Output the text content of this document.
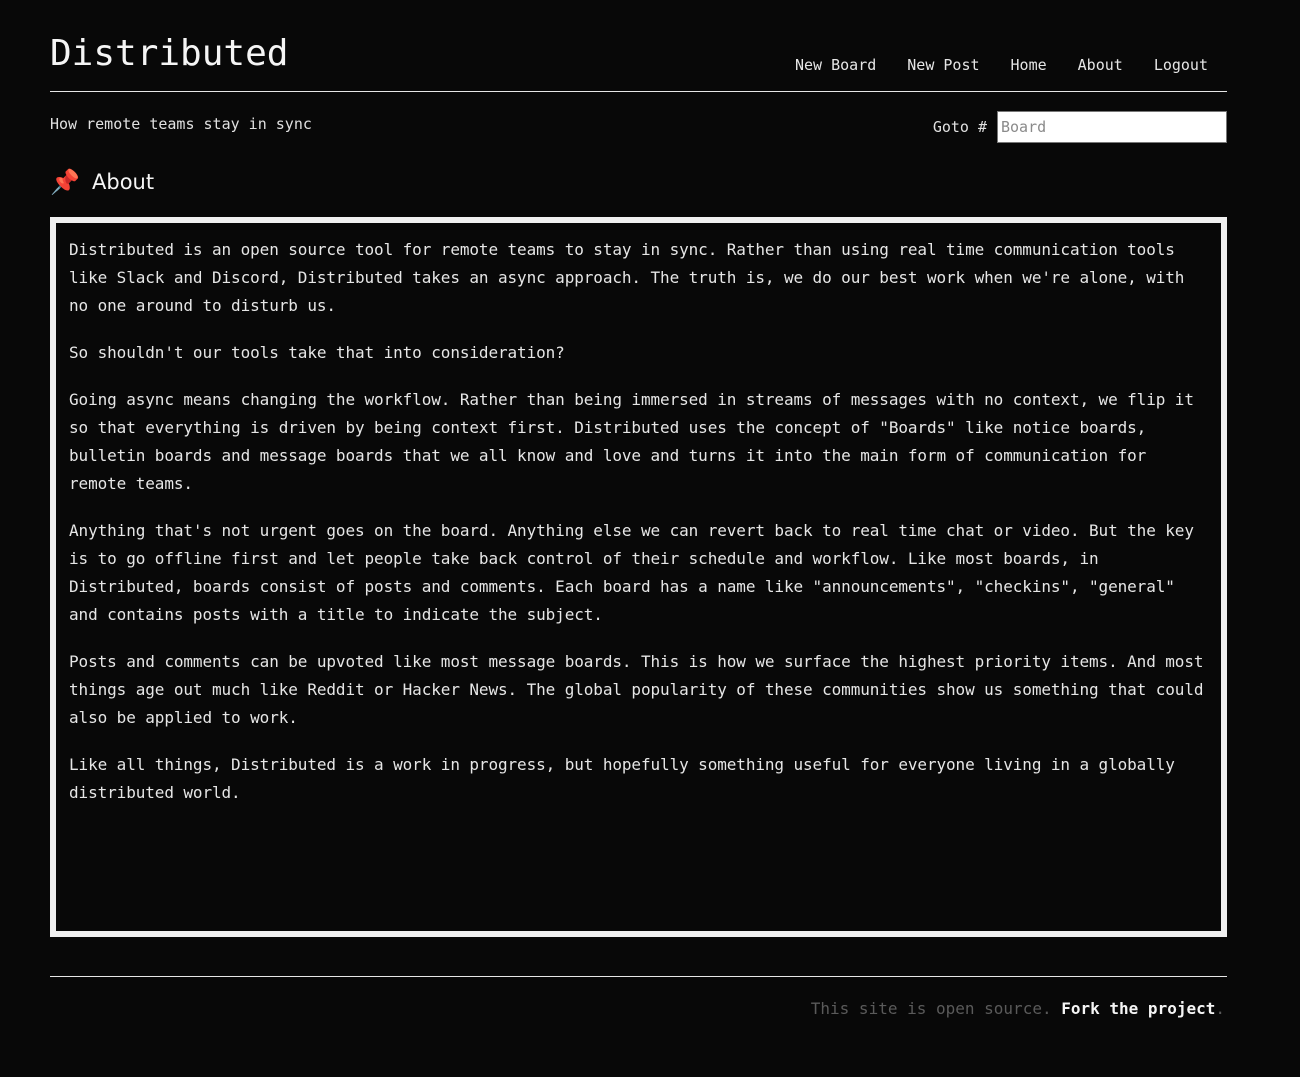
Distributed	New Board New Post Home About Logout
How remote teams stay in sync	Goto #
Board
📌 About

Distributed is an open source tool for remote teams to stay in sync. Rather than using real time communication tools like Slack and Discord, Distributed takes an async approach. The truth is, we do our best work when we're alone, with no one around to disturb us.

So shouldn't our tools take that into consideration?

Going async means changing the workflow. Rather than being immersed in streams of messages with no context, we flip it so that everything is driven by being context first. Distributed uses the concept of "Boards" like notice boards, bulletin boards and message boards that we all know and love and turns it into the main form of communication for remote teams.

Anything that's not urgent goes on the board. Anything else we can revert back to real time chat or video. But the key is to go offline first and let people take back control of their schedule and workflow. Like most boards, in Distributed, boards consist of posts and comments. Each board has a name like "announcements", "checkins", "general" and contains posts with a title to indicate the subject.

Posts and comments can be upvoted like most message boards. This is how we surface the highest priority items. And most things age out much like Reddit or Hacker News. The global popularity of these communities show us something that could also be applied to work.

Like all things, Distributed is a work in progress, but hopefully something useful for everyone living in a globally distributed world.

This site is open source. Fork the project.
